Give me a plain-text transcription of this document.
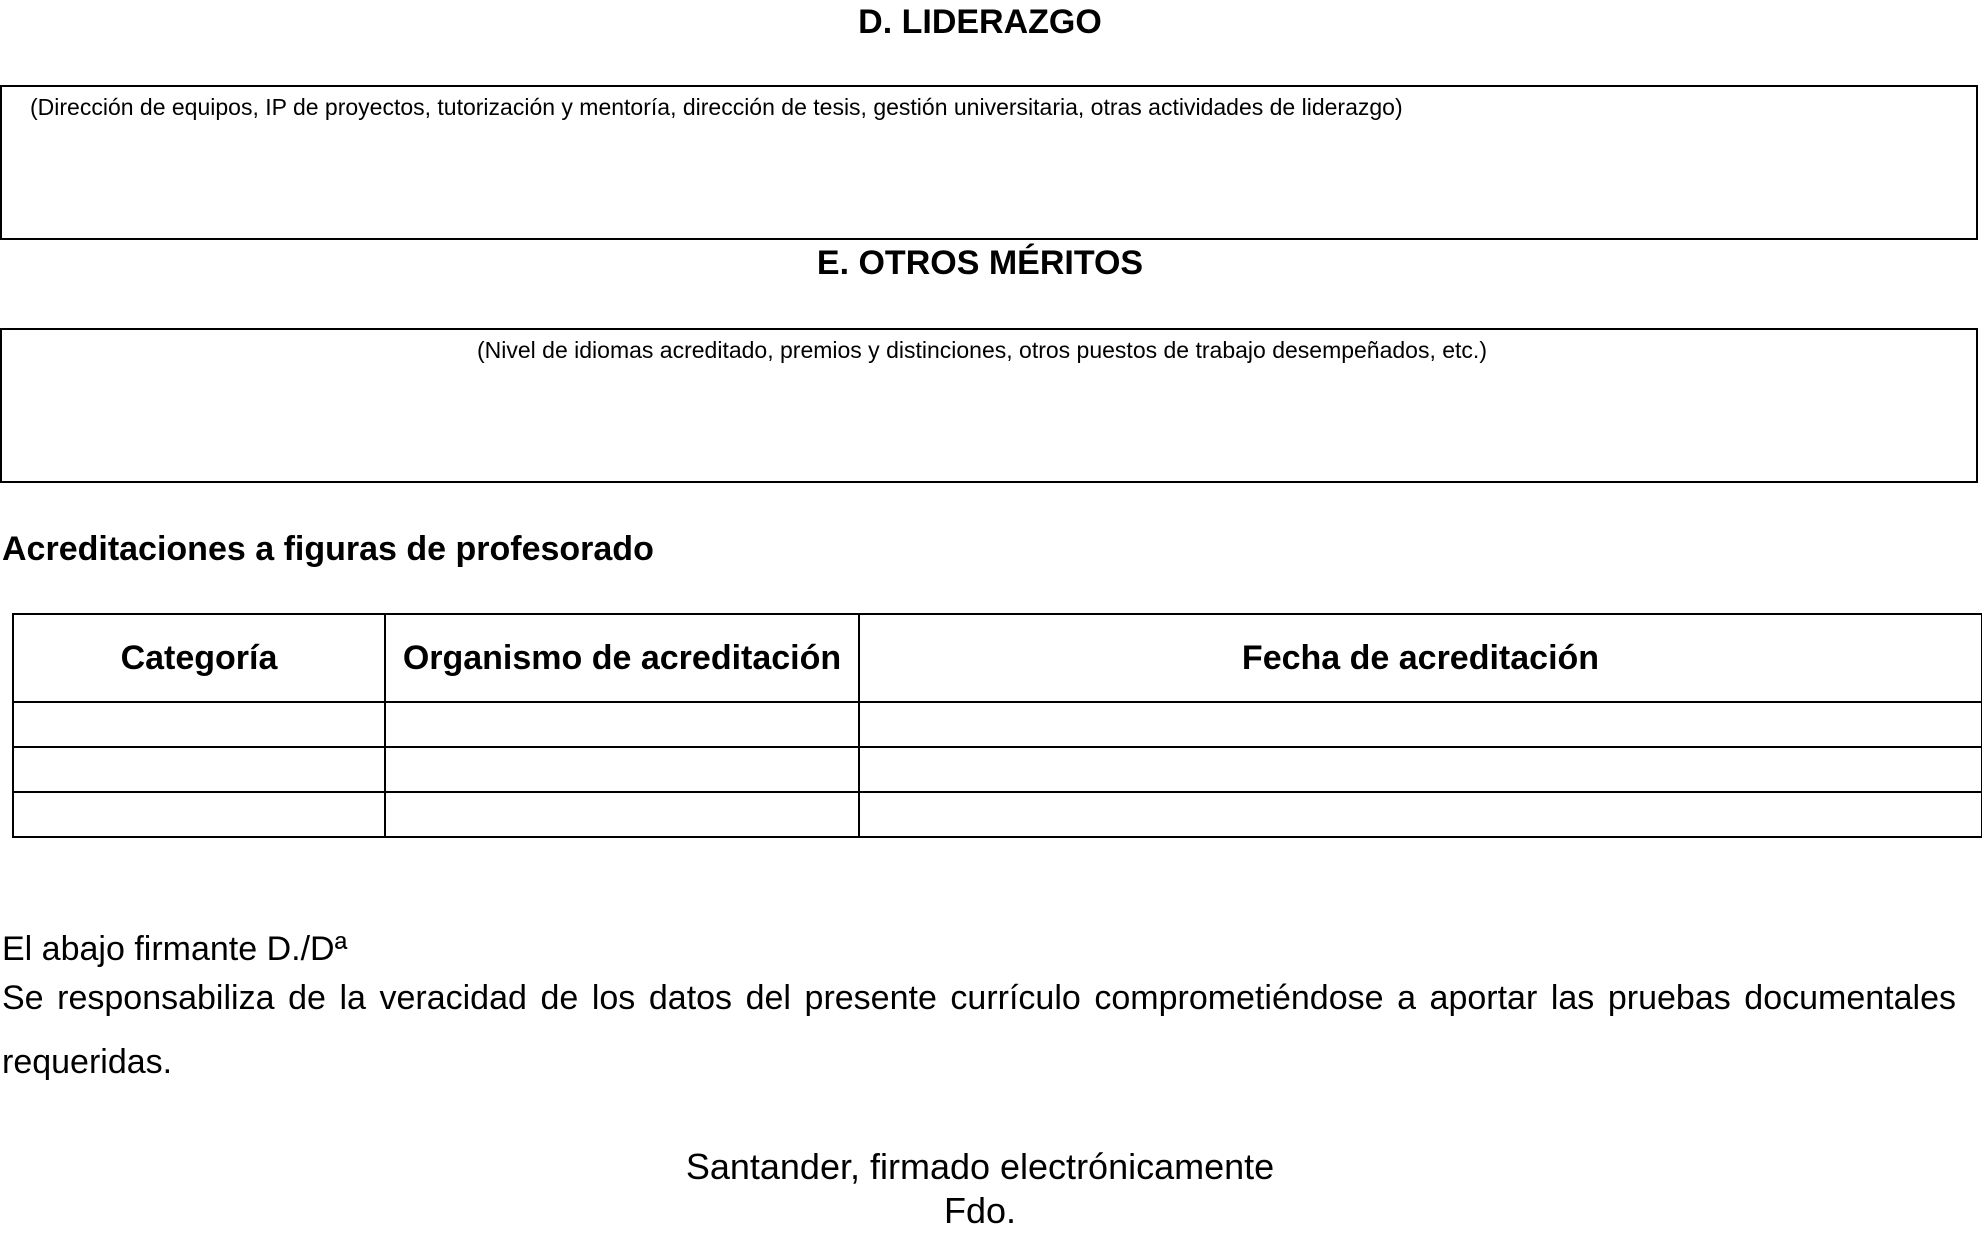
D. LIDERAZGO
(Dirección de equipos, IP de proyectos, tutorización y mentoría, dirección de tesis, gestión universitaria, otras actividades de liderazgo)
E. OTROS MÉRITOS
(Nivel de idiomas acreditado, premios y distinciones, otros puestos de trabajo desempeñados, etc.)
Acreditaciones a figuras de profesorado
Categoría	Organismo de acreditación	Fecha de acreditación

El abajo firmante D./Dª

Se responsabiliza de la veracidad de los datos del presente currículo comprometiéndose a aportar las pruebas documentales requeridas.

Santander, firmado electrónicamente

Fdo.
